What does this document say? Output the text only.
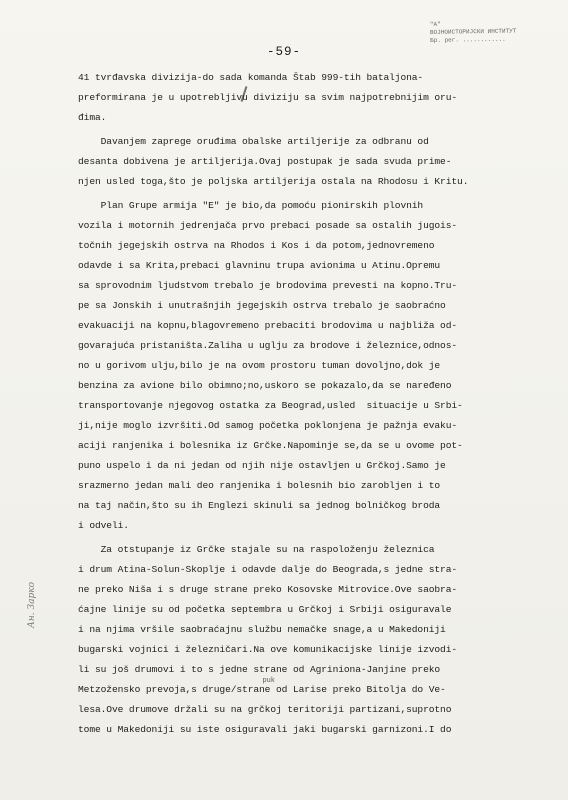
"А"
ВОЈНОИСТОРИЈСКИ ИНСТИТУТ
Бр. рег. ............
-59-
41 tvrđavska divizija-do sada komanda Štab 999-tih bataljona-
preformirana je u upotrebljivu diviziju sa svim najpotrebnijim oru-
đima.
Davanjem zaprege oruđima obalske artiljerije za odbranu od
desanta dobivena je artiljerija.Ovaj postupak je sada svuda prime-
njen usled toga,što je poljska artiljerija ostala na Rhodosu i Kritu.
Plan Grupe armija "E" je bio,da pomoću pionirskih plovnih
vozila i motornih jedrenjača prvo prebaci posade sa ostalih jugois-
točnih jegejskih ostrva na Rhodos i Kos i da potom,jednovremeno
odavde i sa Krita,prebaci glavninu trupa avionima u Atinu.Opremu
sa sprovodnim ljudstvom trebalo je brodovima prevesti na kopno.Tru-
pe sa Jonskih i unutrašnjih jegejskih ostrva trebalo je saobraćno
evakuaciji na kopnu,blagovremeno prebaciti brodovima u najbliža od-
govarajuća pristaništa.Zaliha u uglju za brodove i železnice,odnos-
no u gorivom ulju,bilo je na ovom prostoru tuman dovoljno,dok je
benzina za avione bilo obimno;no,uskoro se pokazalo,da se naređeno
transportovanje njegovog ostatka za Beograd,usled  situacije u Srbi-
ji,nije moglo izvršiti.Od samog početka poklonjena je pažnja evaku-
aciji ranjenika i bolesnika iz Grčke.Napominje se,da se u ovome pot-
puno uspelo i da ni jedan od njih nije ostavljen u Grčkoj.Samo je
srazmerno jedan mali deo ranjenika i bolesnih bio zarobljen i to
na taj način,što su ih Englezi skinuli sa jednog bolničkog broda
i odveli.
Za otstupanje iz Grčke stajale su na raspoloženju železnica
i drum Atina-Solun-Skoplje i odavde dalje do Beograda,s jedne stra-
ne preko Niša i s druge strane preko Kosovske Mitrovice.Ove saobra-
ćajne linije su od početka septembra u Grčkoj i Srbiji osiguravale
i na njima vršile saobraćajnu službu nemačke snage,a u Makedoniji
bugarski vojnici i železničari.Na ove komunikacijske linije izvodi-
li su još drumovi i to s jedne strane od Agriniona-Janjine preko
puk
Metzožensko prevoja,s druge/strane od Larise preko Bitolja do Ve-
lesa.Ove drumove držali su na grčkoj teritoriji partizani,suprotno
tome u Makedoniji su iste osiguravali jaki bugarski garnizoni.I do
Ан. Зарко
